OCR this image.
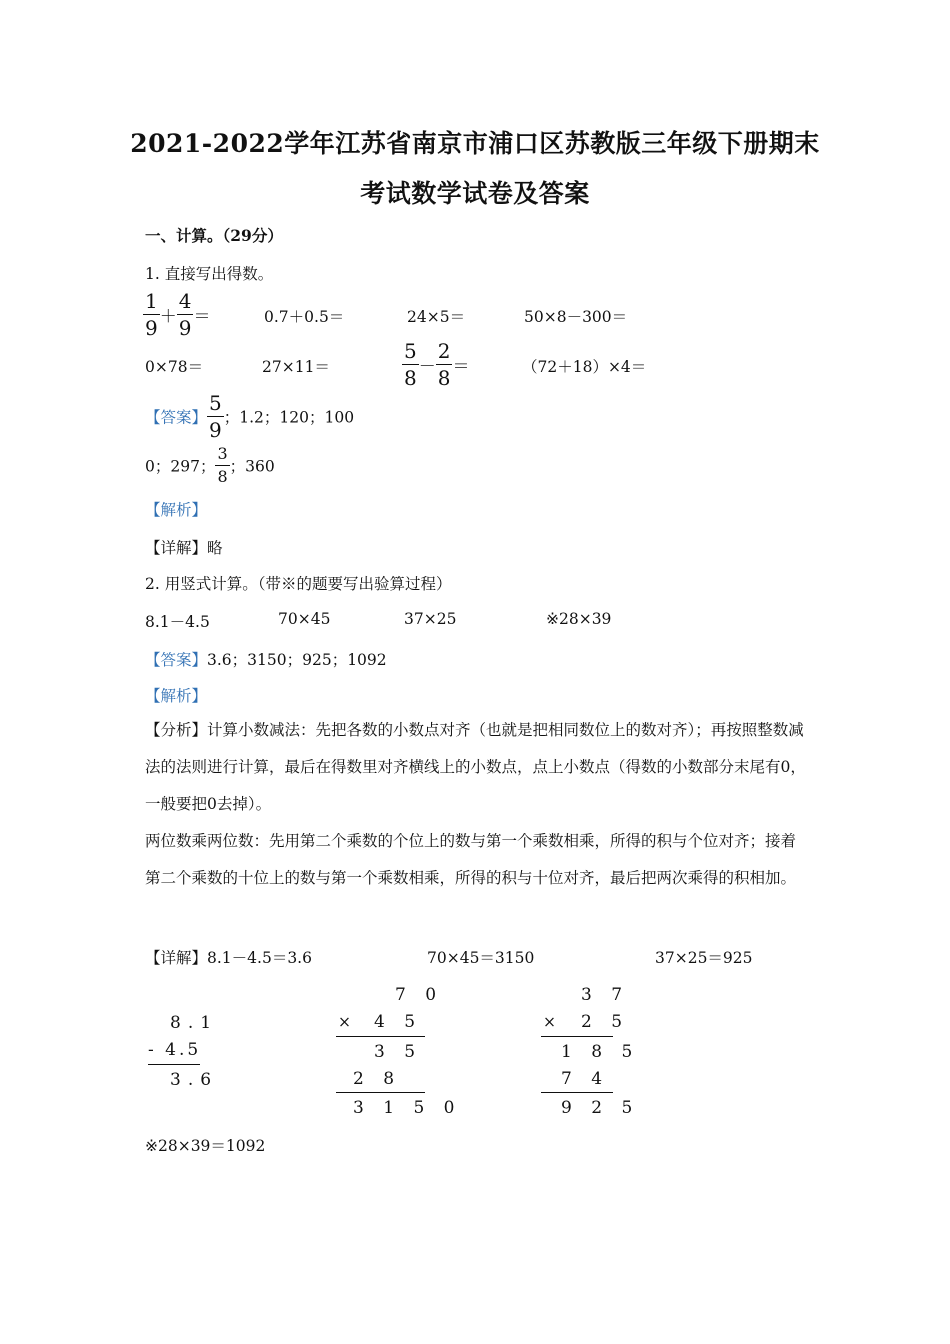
2021-2022学年江苏省南京市浦口区苏教版三年级下册期末
考试数学试卷及答案
一、计算。（29分）
1. 直接写出得数。
$\frac{1}{9} + \frac{4}{9}$ ＝	0.7＋0.5＝	24×5＝	50×8－300＝
0×78＝	27×11＝	$\frac{5}{8} - \frac{2}{8}$ ＝	（72＋18）×4＝
【答案】 $\frac{5}{9}$ ；1.2；120；100
0；297； $\frac{3}{8}$ ；360
【解析】
【详解】略
2. 用竖式计算。（带※的题要写出验算过程）
8.1－4.5	70×45	37×25	※28×39
【答案】3.6；3150；925；1092
【解析】
【分析】计算小数减法：先把各数的小数点对齐（也就是把相同数位上的数对齐）；再按照整数减法的法则进行计算，最后在得数里对齐横线上的小数点，点上小数点（得数的小数部分末尾有0，一般要把0去掉）。
两位数乘两位数：先用第二个乘数的个位上的数与第一个乘数相乘，所得的积与个位对齐；接着第二个乘数的十位上的数与第一个乘数相乘，所得的积与十位对齐，最后把两次乘得的积相加。
【详解】8.1－4.5＝3.6	70×45＝3150	37×25＝925
8.1
- 4.5
3.6
7 0
× 4 5
3 5
2 8
3 1 5 0
3 7
× 2 5
1 8 5
7 4
9 2 5
※28×39＝1092
